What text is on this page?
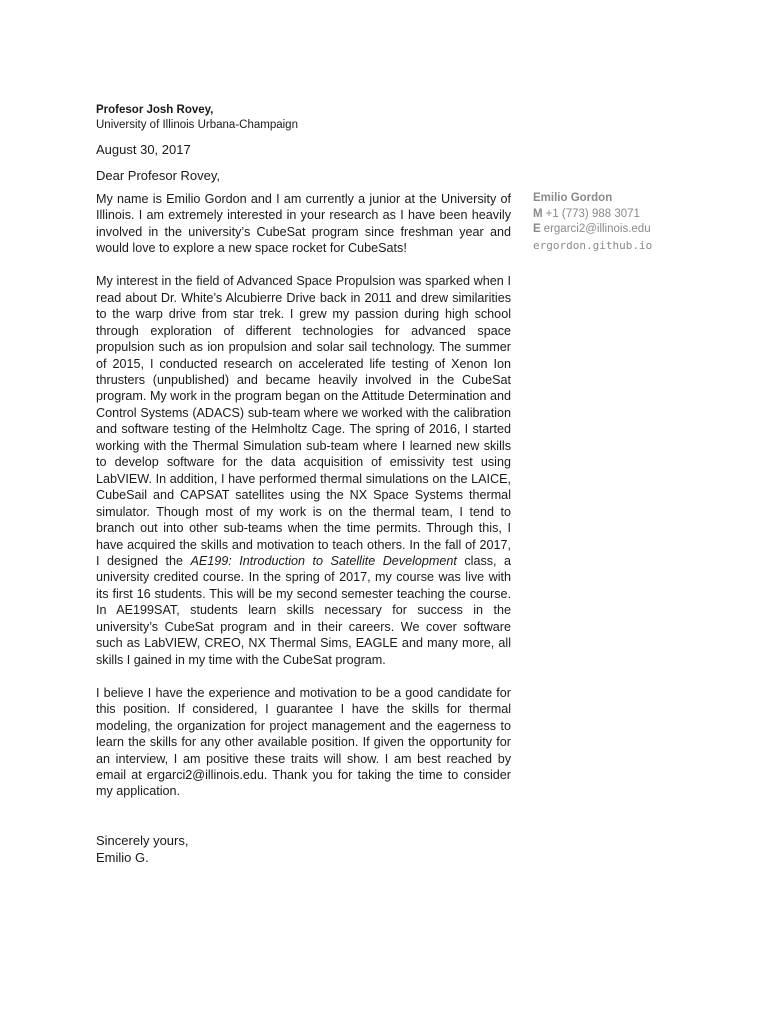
Profesor Josh Rovey,
University of Illinois Urbana-Champaign
August 30, 2017
Dear Profesor Rovey,

My name is Emilio Gordon and I am currently a junior at the University of Illinois. I am extremely interested in your research as I have been heavily involved in the university’s CubeSat program since freshman year and would love to explore a new space rocket for CubeSats!

My interest in the field of Advanced Space Propulsion was sparked when I read about Dr. White’s Alcubierre Drive back in 2011 and drew similarities to the warp drive from star trek. I grew my passion during high school through exploration of different technologies for advanced space propulsion such as ion propulsion and solar sail technology. The summer of 2015, I conducted research on accelerated life testing of Xenon Ion thrusters (unpublished) and became heavily involved in the CubeSat program. My work in the program began on the Attitude Determination and Control Systems (ADACS) sub-team where we worked with the calibration and software testing of the Helmholtz Cage. The spring of 2016, I started working with the Thermal Simulation sub-team where I learned new skills to develop software for the data acquisition of emissivity test using LabVIEW. In addition, I have performed thermal simulations on the LAICE, CubeSail and CAPSAT satellites using the NX Space Systems thermal simulator. Though most of my work is on the thermal team, I tend to branch out into other sub-teams when the time permits. Through this, I have acquired the skills and motivation to teach others. In the fall of 2017, I designed the AE199: Introduction to Satellite Development class, a university credited course. In the spring of 2017, my course was live with its first 16 students. This will be my second semester teaching the course. In AE199SAT, students learn skills necessary for success in the university’s CubeSat program and in their careers. We cover software such as LabVIEW, CREO, NX Thermal Sims, EAGLE and many more, all skills I gained in my time with the CubeSat program.

I believe I have the experience and motivation to be a good candidate for this position. If considered, I guarantee I have the skills for thermal modeling, the organization for project management and the eagerness to learn the skills for any other available position. If given the opportunity for an interview, I am positive these traits will show. I am best reached by email at ergarci2@illinois.edu. Thank you for taking the time to consider my application.

Sincerely yours,
Emilio G.
Emilio Gordon
M +1 (773) 988 3071
E ergarci2@illinois.edu
ergordon.github.io
